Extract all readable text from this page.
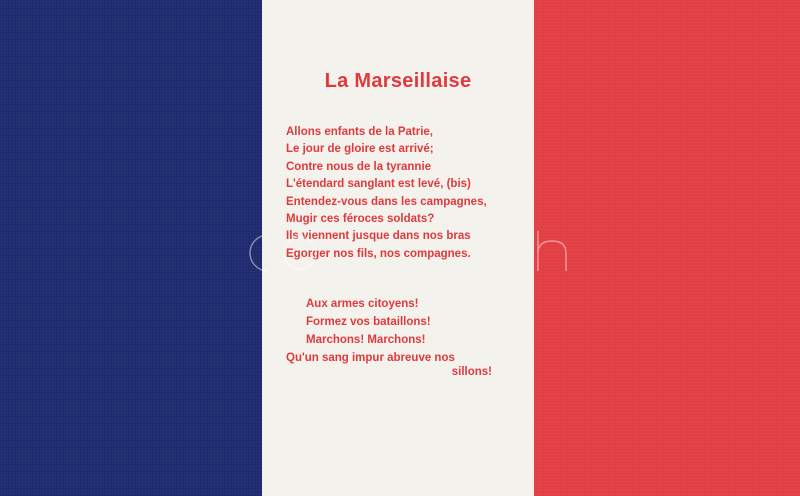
La Marseillaise
Allons enfants de la Patrie,
Le jour de gloire est arrivé;
Contre nous de la tyrannie
L'étendard sanglant est levé, (bis)
Entendez-vous dans les campagnes,
Mugir ces féroces soldats?
Ils viennent jusque dans nos bras
Egorger nos fils, nos compagnes.
Aux armes citoyens!
Formez vos bataillons!
Marchons! Marchons!
Qu'un sang impur abreuve nos
sillons!
